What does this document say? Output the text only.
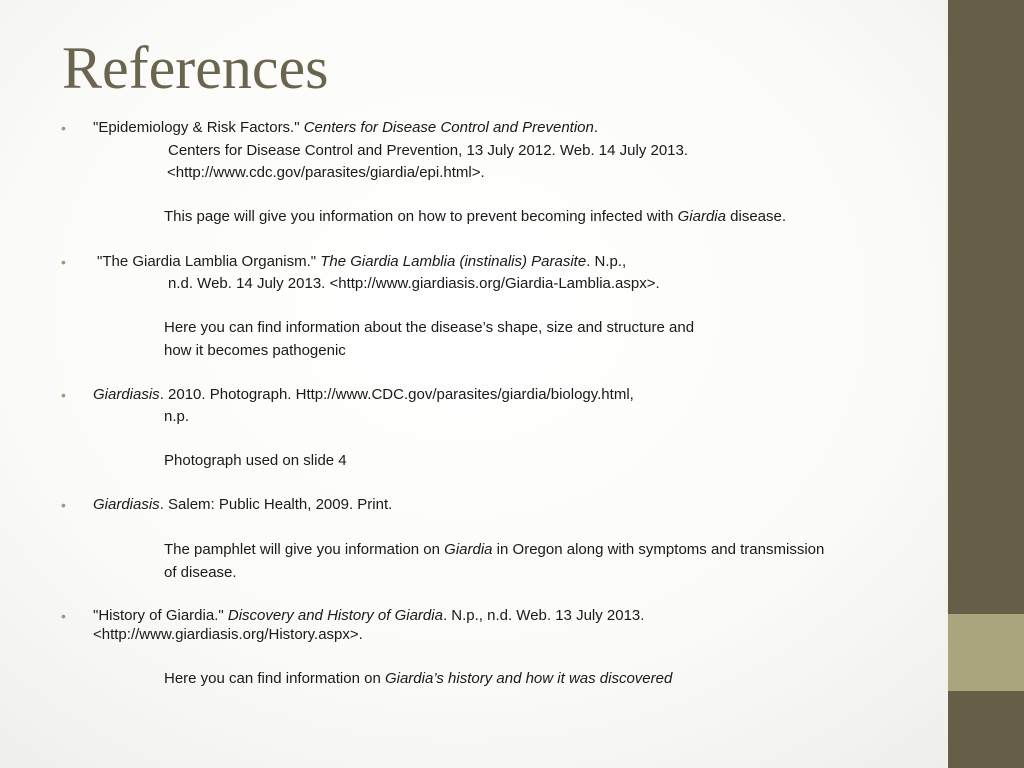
References
• "Epidemiology & Risk Factors." Centers for Disease Control and Prevention.
Centers for Disease Control and Prevention, 13 July 2012. Web. 14 July 2013.
<http://www.cdc.gov/parasites/giardia/epi.html>.
This page will give you information on how to prevent becoming infected with Giardia disease.
• "The Giardia Lamblia Organism." The Giardia Lamblia (instinalis) Parasite. N.p.,
n.d. Web. 14 July 2013. <http://www.giardiasis.org/Giardia-Lamblia.aspx>.
Here you can find information about the disease’s shape, size and structure and
how it becomes pathogenic
• Giardiasis. 2010. Photograph. Http://www.CDC.gov/parasites/giardia/biology.html,
n.p.
Photograph used on slide 4
• Giardiasis. Salem: Public Health, 2009. Print.
The pamphlet will give you information on Giardia in Oregon along with symptoms and transmission
of disease.
• "History of Giardia." Discovery and History of Giardia. N.p., n.d. Web. 13 July 2013.
<http://www.giardiasis.org/History.aspx>.
Here you can find information on Giardia’s history and how it was discovered
